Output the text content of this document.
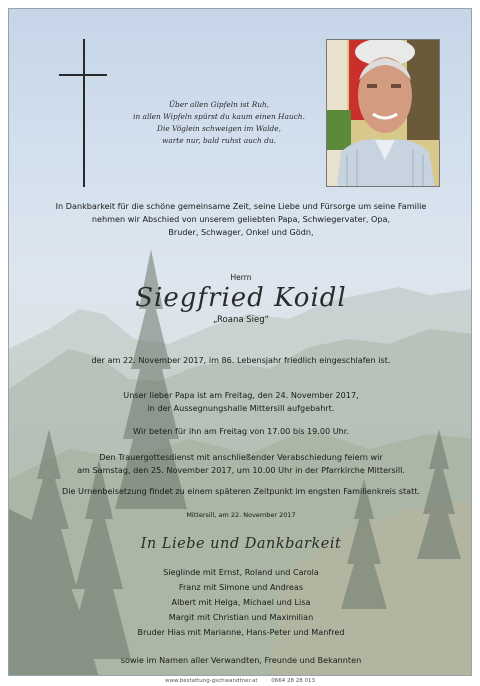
Über allen Gipfeln ist Ruh,
in allen Wipfeln spürst du kaum einen Hauch.
Die Vöglein schweigen im Walde,
warte nur, bald ruhst auch du.
In Dankbarkeit für die schöne gemeinsame Zeit, seine Liebe und Fürsorge um seine Familie
nehmen wir Abschied von unserem geliebten Papa, Schwiegervater, Opa,
Bruder, Schwager, Onkel und Gödn,
Herrn
Siegfried Koidl
„Roana Sieg“
der am 22. November 2017, im 86. Lebensjahr friedlich eingeschlafen ist.
Unser lieber Papa ist am Freitag, den 24. November 2017,
in der Aussegnungshalle Mittersill aufgebahrt.
Wir beten für ihn am Freitag von 17.00 bis 19.00 Uhr.
Den Trauergottesdienst mit anschließender Verabschiedung feiern wir
am Samstag, den 25. November 2017, um 10.00 Uhr in der Pfarrkirche Mittersill.
Die Urnenbeisetzung findet zu einem späteren Zeitpunkt im engsten Familienkreis statt.
Mittersill, am 22. November 2017
In Liebe und Dankbarkeit
Sieglinde mit Ernst, Roland und Carola
Franz mit Simone und Andreas
Albert mit Helga, Michael und Lisa
Margit mit Christian und Maximilian
Bruder Hias mit Marianne, Hans-Peter und Manfred
sowie im Namen aller Verwandten, Freunde und Bekannten
www.bestattung-gschwandtner.at	0664 28 28 013
